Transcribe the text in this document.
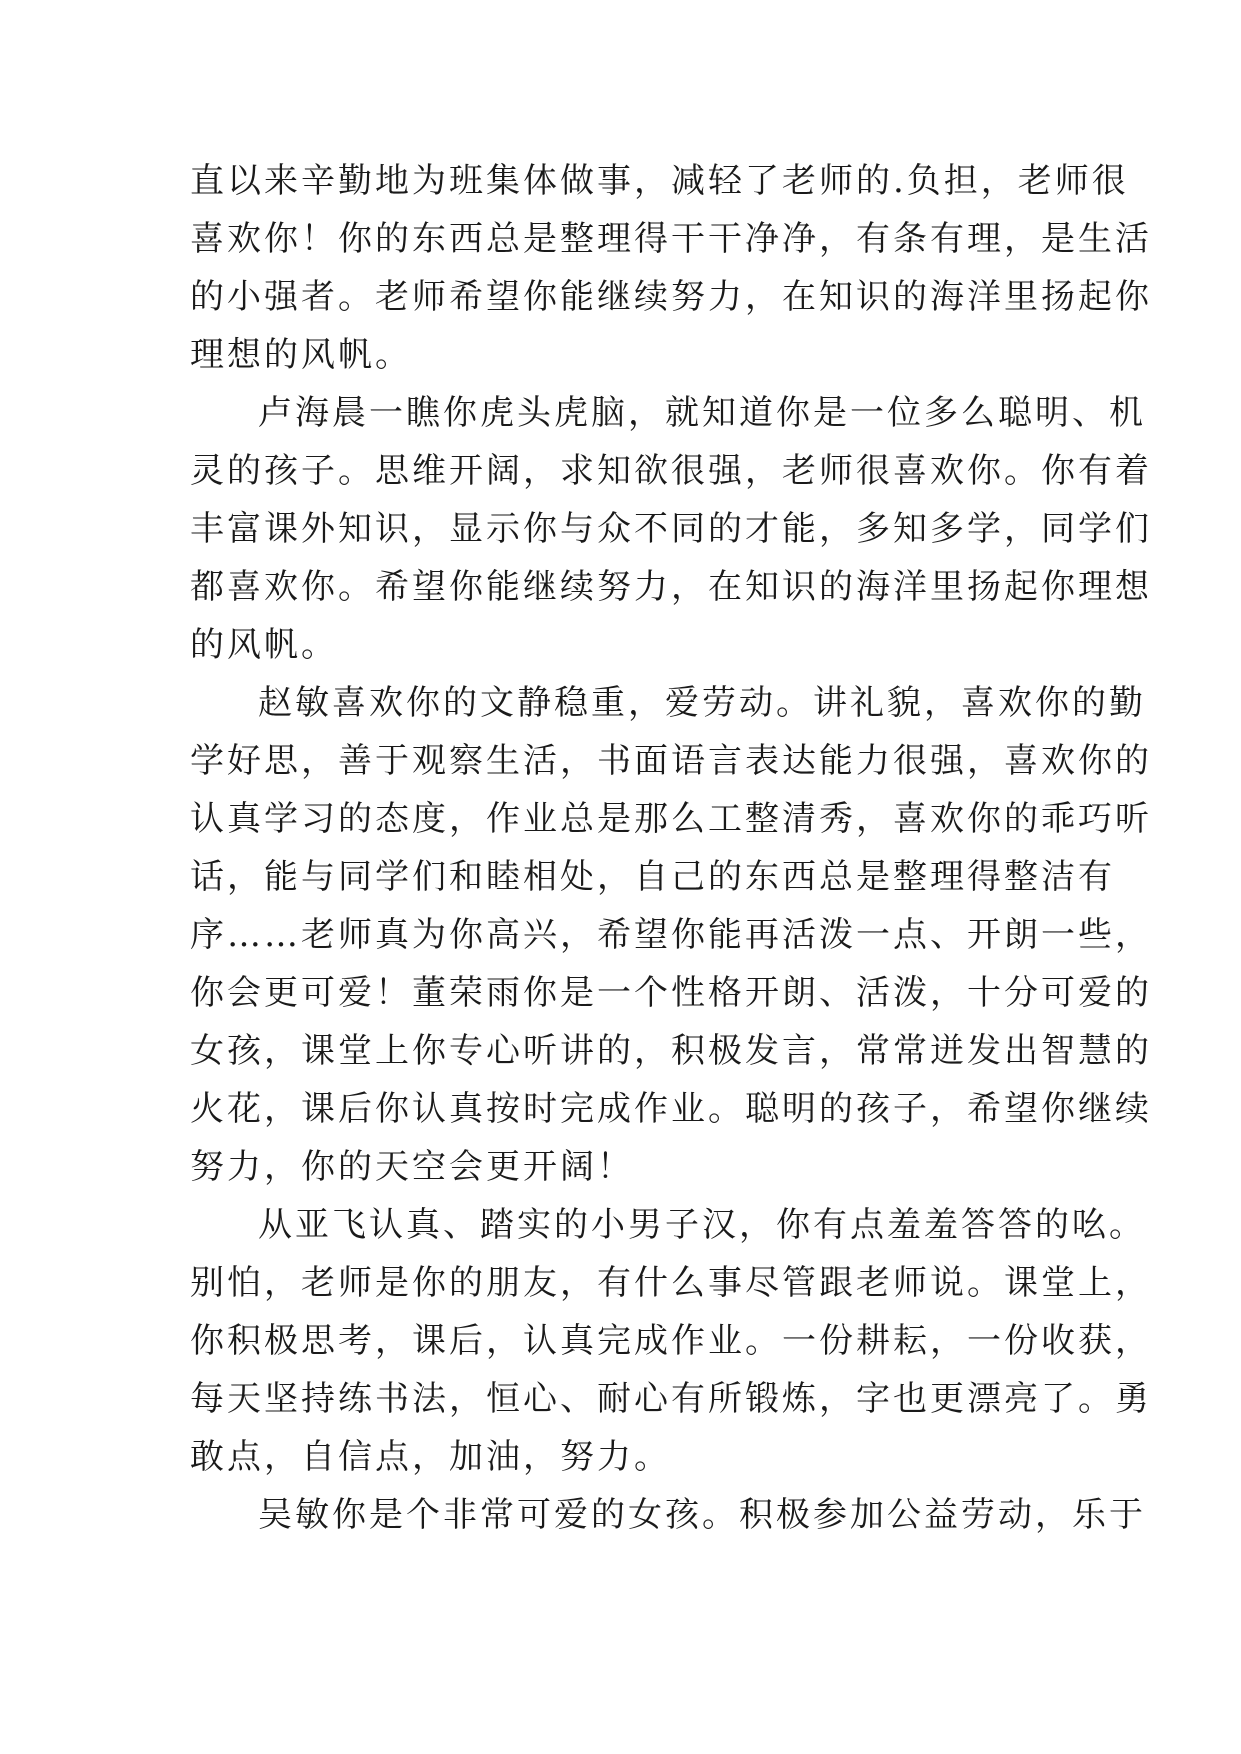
直以来辛勤地为班集体做事，减轻了老师的.负担，老师很
喜欢你！你的东西总是整理得干干净净，有条有理，是生活
的小强者。老师希望你能继续努力，在知识的海洋里扬起你
理想的风帆。
卢海晨一瞧你虎头虎脑，就知道你是一位多么聪明、机
灵的孩子。思维开阔，求知欲很强，老师很喜欢你。你有着
丰富课外知识，显示你与众不同的才能，多知多学，同学们
都喜欢你。希望你能继续努力，在知识的海洋里扬起你理想
的风帆。
赵敏喜欢你的文静稳重，爱劳动。讲礼貌，喜欢你的勤
学好思，善于观察生活，书面语言表达能力很强，喜欢你的
认真学习的态度，作业总是那么工整清秀，喜欢你的乖巧听
话，能与同学们和睦相处，自己的东西总是整理得整洁有
序……老师真为你高兴，希望你能再活泼一点、开朗一些，
你会更可爱！董荣雨你是一个性格开朗、活泼，十分可爱的
女孩，课堂上你专心听讲的，积极发言，常常迸发出智慧的
火花，课后你认真按时完成作业。聪明的孩子，希望你继续
努力，你的天空会更开阔！
从亚飞认真、踏实的小男子汉，你有点羞羞答答的吆。
别怕，老师是你的朋友，有什么事尽管跟老师说。课堂上，
你积极思考，课后，认真完成作业。一份耕耘，一份收获，
每天坚持练书法，恒心、耐心有所锻炼，字也更漂亮了。勇
敢点，自信点，加油，努力。
吴敏你是个非常可爱的女孩。积极参加公益劳动，乐于
